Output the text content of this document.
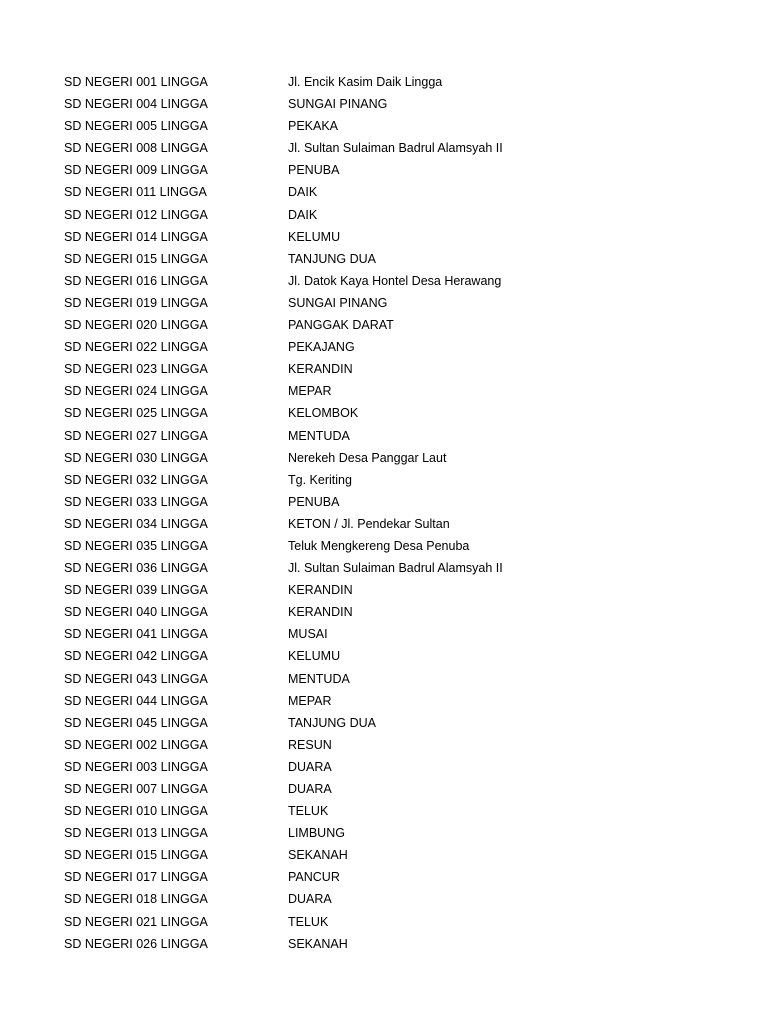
SD NEGERI 001 LINGGA	Jl. Encik Kasim Daik Lingga
SD NEGERI 004 LINGGA	SUNGAI PINANG
SD NEGERI 005 LINGGA	PEKAKA
SD NEGERI 008 LINGGA	Jl. Sultan Sulaiman Badrul Alamsyah II
SD NEGERI 009 LINGGA	PENUBA
SD NEGERI 011 LINGGA	DAIK
SD NEGERI 012 LINGGA	DAIK
SD NEGERI 014 LINGGA	KELUMU
SD NEGERI 015 LINGGA	TANJUNG DUA
SD NEGERI 016 LINGGA	Jl. Datok Kaya Hontel Desa Herawang
SD NEGERI 019 LINGGA	SUNGAI PINANG
SD NEGERI 020 LINGGA	PANGGAK DARAT
SD NEGERI 022 LINGGA	PEKAJANG
SD NEGERI 023 LINGGA	KERANDIN
SD NEGERI 024 LINGGA	MEPAR
SD NEGERI 025 LINGGA	KELOMBOK
SD NEGERI 027 LINGGA	MENTUDA
SD NEGERI 030 LINGGA	Nerekeh Desa Panggar Laut
SD NEGERI 032 LINGGA	Tg. Keriting
SD NEGERI 033 LINGGA	PENUBA
SD NEGERI 034 LINGGA	KETON / Jl. Pendekar Sultan
SD NEGERI 035 LINGGA	Teluk Mengkereng Desa Penuba
SD NEGERI 036 LINGGA	Jl. Sultan Sulaiman Badrul Alamsyah II
SD NEGERI 039 LINGGA	KERANDIN
SD NEGERI 040 LINGGA	KERANDIN
SD NEGERI 041 LINGGA	MUSAI
SD NEGERI 042 LINGGA	KELUMU
SD NEGERI 043 LINGGA	MENTUDA
SD NEGERI 044 LINGGA	MEPAR
SD NEGERI 045 LINGGA	TANJUNG DUA
SD NEGERI 002 LINGGA	RESUN
SD NEGERI 003 LINGGA	DUARA
SD NEGERI 007 LINGGA	DUARA
SD NEGERI 010 LINGGA	TELUK
SD NEGERI 013 LINGGA	LIMBUNG
SD NEGERI 015 LINGGA	SEKANAH
SD NEGERI 017 LINGGA	PANCUR
SD NEGERI 018 LINGGA	DUARA
SD NEGERI 021 LINGGA	TELUK
SD NEGERI 026 LINGGA	SEKANAH
